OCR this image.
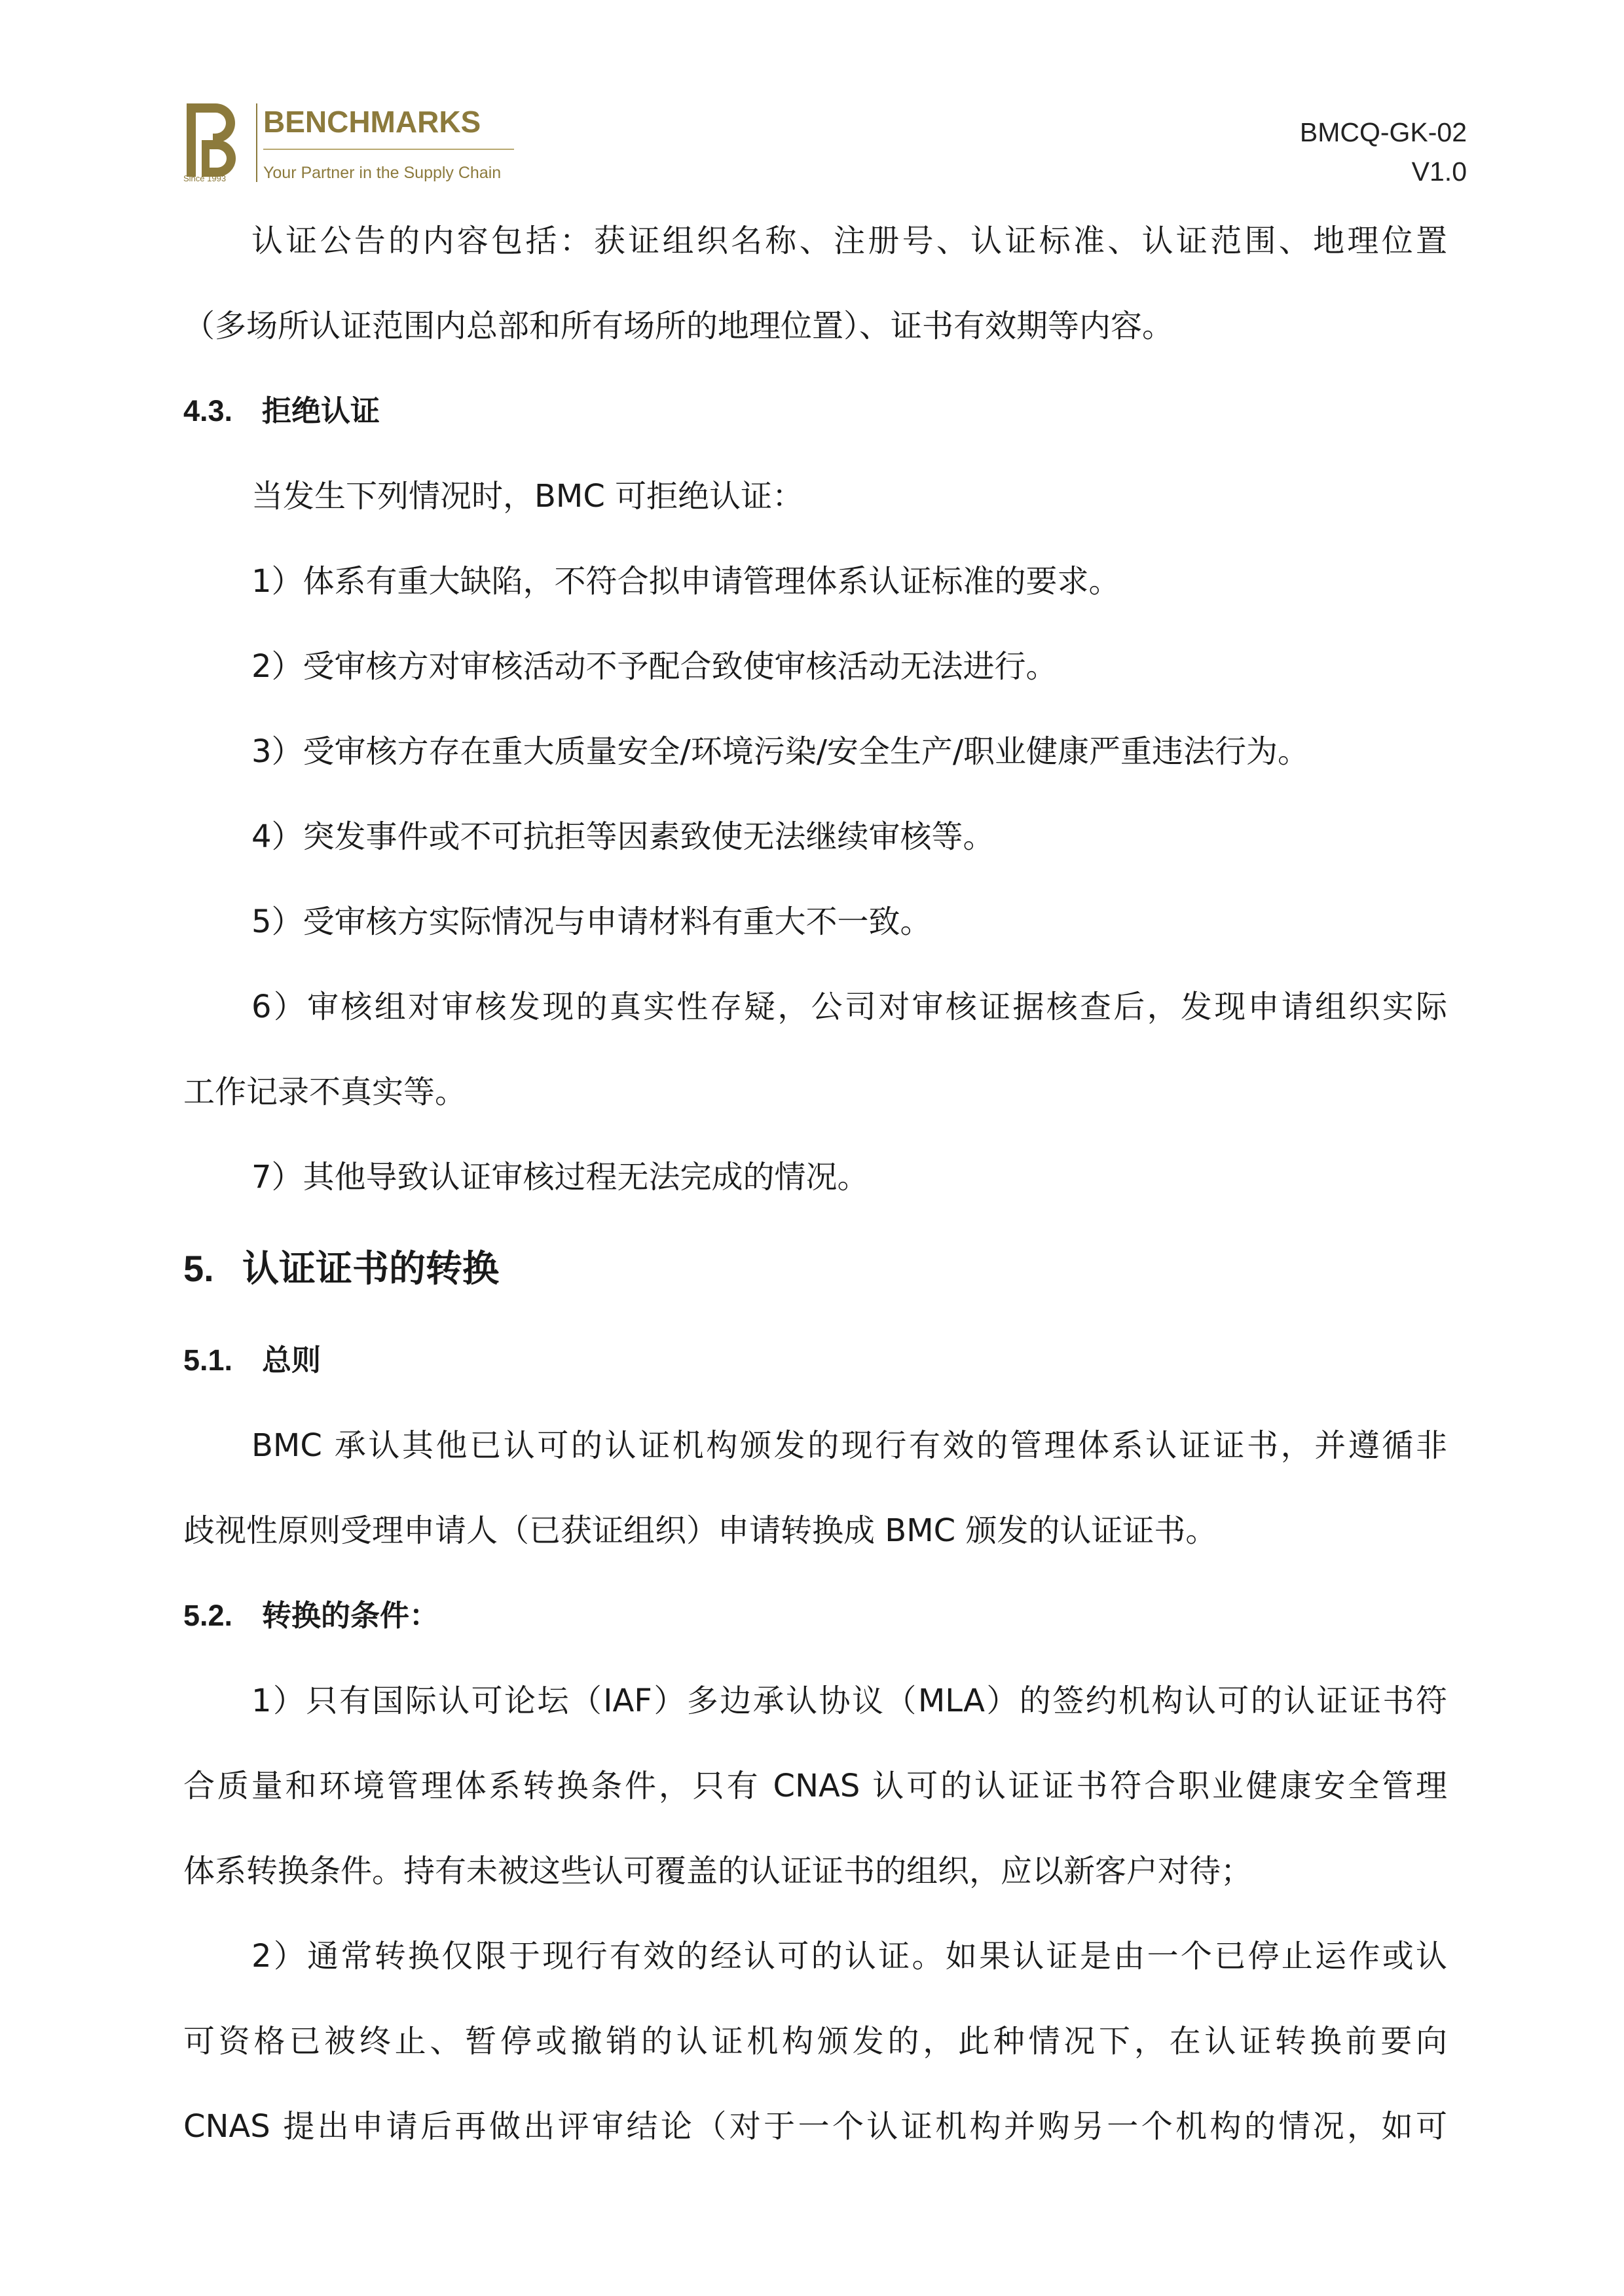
Since 1993
BENCHMARKS
Your Partner in the Supply Chain
BMCQ-GK-02
V1.0

认证公告的内容包括：获证组织名称、注册号、认证标准、认证范围、地理位置

（多场所认证范围内总部和所有场所的地理位置）、证书有效期等内容。

4.3. 拒绝认证

当发生下列情况时，BMC 可拒绝认证：

1）体系有重大缺陷，不符合拟申请管理体系认证标准的要求。

2）受审核方对审核活动不予配合致使审核活动无法进行。

3）受审核方存在重大质量安全/环境污染/安全生产/职业健康严重违法行为。

4）突发事件或不可抗拒等因素致使无法继续审核等。

5）受审核方实际情况与申请材料有重大不一致。

6）审核组对审核发现的真实性存疑，公司对审核证据核查后，发现申请组织实际

工作记录不真实等。

7）其他导致认证审核过程无法完成的情况。

5. 认证证书的转换

5.1. 总则

BMC 承认其他已认可的认证机构颁发的现行有效的管理体系认证证书，并遵循非

歧视性原则受理申请人（已获证组织）申请转换成 BMC 颁发的认证证书。

5.2. 转换的条件：

1）只有国际认可论坛（IAF）多边承认协议（MLA）的签约机构认可的认证证书符

合质量和环境管理体系转换条件，只有 CNAS 认可的认证证书符合职业健康安全管理

体系转换条件。持有未被这些认可覆盖的认证证书的组织，应以新客户对待；

2）通常转换仅限于现行有效的经认可的认证。如果认证是由一个已停止运作或认

可资格已被终止、暂停或撤销的认证机构颁发的，此种情况下，在认证转换前要向

CNAS 提出申请后再做出评审结论（对于一个认证机构并购另一个机构的情况，如可
